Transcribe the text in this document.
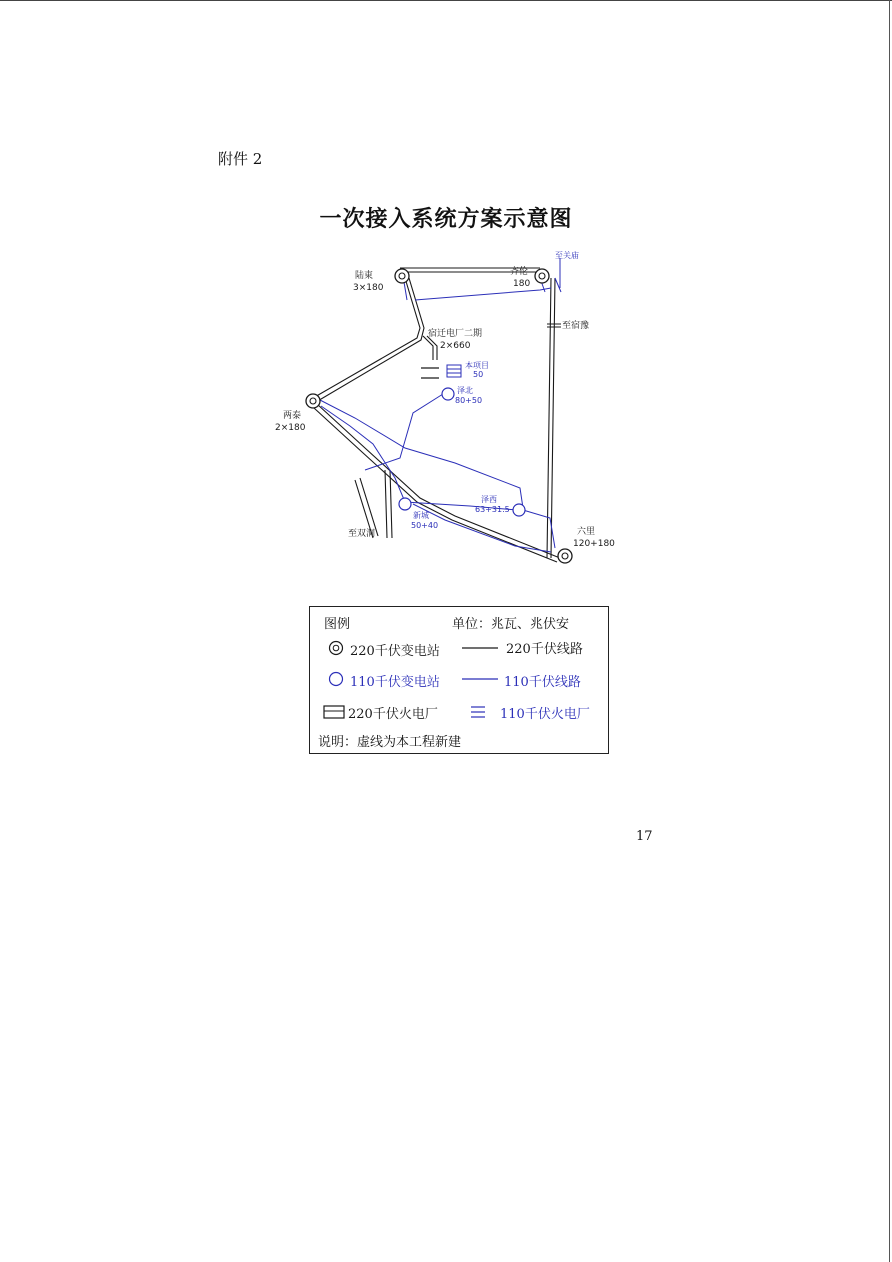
附件 2
一次接入系统方案示意图
陆東
3×180
齐伦
180
宿迁电厂二期
2×660
本项目
50
泽北
80+50
两泰
2×180
新城
50+40
泽西
63+31.5
六里
120+180
至关庙
至宿豫
至双洞
图例	单位：兆瓦、兆伏安
220千伏变电站	220千伏线路
110千伏变电站	110千伏线路
220千伏火电厂	110千伏火电厂
说明：虚线为本工程新建
17
